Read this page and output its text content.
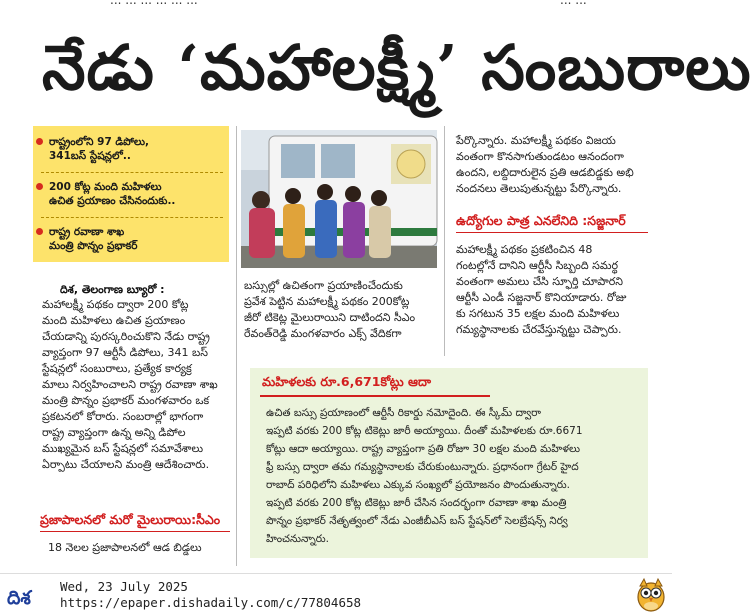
... ... ... ... ... ...	... ...
నేడు ‘మహాలక్ష్మీ’ సంబురాలు
రాష్ట్రంలోని 97 డిపోలు,
341బస్ స్టేషన్లలో..
200 కోట్ల మంది మహిళలు
ఉచిత ప్రయాణం చేసినందుకు..
రాష్ట్ర రవాణా శాఖ
మంత్రి పొన్నం ప్రభాకర్
దిశ, తెలంగాణ బ్యూరో :

మహాలక్ష్మీ పథకం ద్వారా 200 కోట్ల

మంది మహిళలు ఉచిత ప్రయాణం

చేయడాన్ని పురస్కరించుకొని నేడు రాష్ట్ర

వ్యాప్తంగా 97 ఆర్టీసీ డిపోలు, 341 బస్

స్టేషన్లలో సంబురాలు, ప్రత్యేక కార్యక్ర

మాలు నిర్వహించాలని రాష్ట్ర రవాణా శాఖ

మంత్రి పొన్నం ప్రభాకర్ మంగళవారం ఒక

ప్రకటనలో కోరారు. సంబరాల్లో భాగంగా

రాష్ట్ర వ్యాప్తంగా ఉన్న అన్ని డిపోల

ముఖ్యమైన బస్ స్టేషన్లలో సమావేశాలు

ఏర్పాటు చేయాలని మంత్రి ఆదేశించారు.

ప్రజాపాలనలో మరో మైలురాయి:సీఎం
18 నెలల ప్రజాపాలనలో ఆడ బిడ్డలు

బస్సుల్లో ఉచితంగా ప్రయాణించేందుకు

ప్రవేశ పెట్టిన మహాలక్ష్మీ పథకం 200కోట్ల

జీరో టికెట్ల మైలురాయిని దాటిందని సీఎం

రేవంత్‌రెడ్డి మంగళవారం ఎక్స్ వేదికగా

పేర్కొన్నారు. మహాలక్ష్మీ పథకం విజయ

వంతంగా కొనసాగుతుండటం ఆనందంగా

ఉందని, లబ్దిదారులైన ప్రతి ఆడబిడ్డకు అభి

నందనలు తెలుపుతున్నట్టు పేర్కొన్నారు.

ఉద్యోగుల పాత్ర ఎనలేనిది :సజ్జనార్

మహాలక్ష్మీ పథకం ప్రకటించిన 48

గంటల్లోనే దానిని ఆర్టీసీ సిబ్బంది సమర్థ

వంతంగా అమలు చేసి స్ఫూర్తి చూపారని

ఆర్టీసీ ఎండీ సజ్జనార్ కొనియాడారు. రోజు

కు సగటున 35 లక్షల మంది మహిళలు

గమ్యస్థానాలకు చేరవేస్తున్నట్టు చెప్పారు.

మహిళలకు రూ.6,671కోట్లు ఆదా

ఉచిత బస్సు ప్రయాణంలో ఆర్టీసీ రికార్డు నమోదైంది. ఈ స్కీమ్ ద్వారా

ఇప్పటి వరకు 200 కోట్ల టికెట్లు జారీ అయ్యాయి. దీంతో మహిళలకు రూ.6671

కోట్లు ఆదా అయ్యాయి. రాష్ట్ర వ్యాప్తంగా ప్రతి రోజూ 30 లక్షల మంది మహిళలు

ఫ్రీ బస్సు ద్వారా తమ గమ్యస్థానాలకు చేరుకుంటున్నారు. ప్రధానంగా గ్రేటర్ హైద

రాబాద్ పరిధిలోని మహిళలు ఎక్కువ సంఖ్యలో ప్రయోజనం పొందుతున్నారు.

ఇప్పటి వరకు 200 కోట్ల టికెట్లు జారీ చేసిన సందర్భంగా రవాణా శాఖ మంత్రి

పొన్నం ప్రభాకర్ నేతృత్వంలో నేడు ఎంజీబీఎస్ బస్ స్టేషన్‌లో సెలబ్రేషన్స్ నిర్వ

హించనున్నారు.

దిశ
Wed, 23 July 2025
https://epaper.dishadaily.com/c/77804658
